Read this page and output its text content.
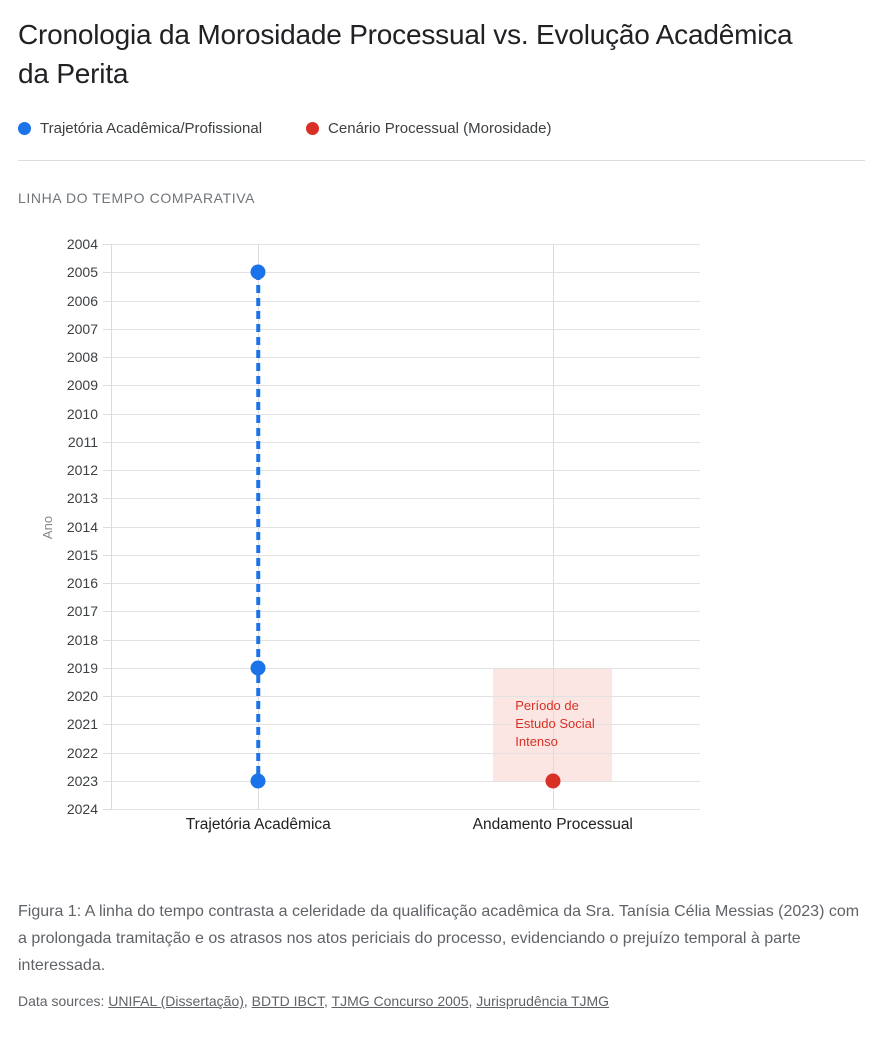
Cronologia da Morosidade Processual vs. Evolução Acadêmica da Perita
Trajetória Acadêmica/Profissional	Cenário Processual (Morosidade)
LINHA DO TEMPO COMPARATIVA
2004
2005
2006
2007
2008
2009
2010
2011
2012
2013
2014
2015
2016
2017
2018
2019
2020
2021
2022
2023
2024
Trajetória Acadêmica	Andamento Processual
Período de Estudo Social Intenso
Ano

Figura 1: A linha do tempo contrasta a celeridade da qualificação acadêmica da Sra. Tanísia Célia Messias (2023) com a prolongada tramitação e os atrasos nos atos periciais do processo, evidenciando o prejuízo temporal à parte interessada.

Data sources: UNIFAL (Dissertação), BDTD IBCT, TJMG Concurso 2005, Jurisprudência TJMG
